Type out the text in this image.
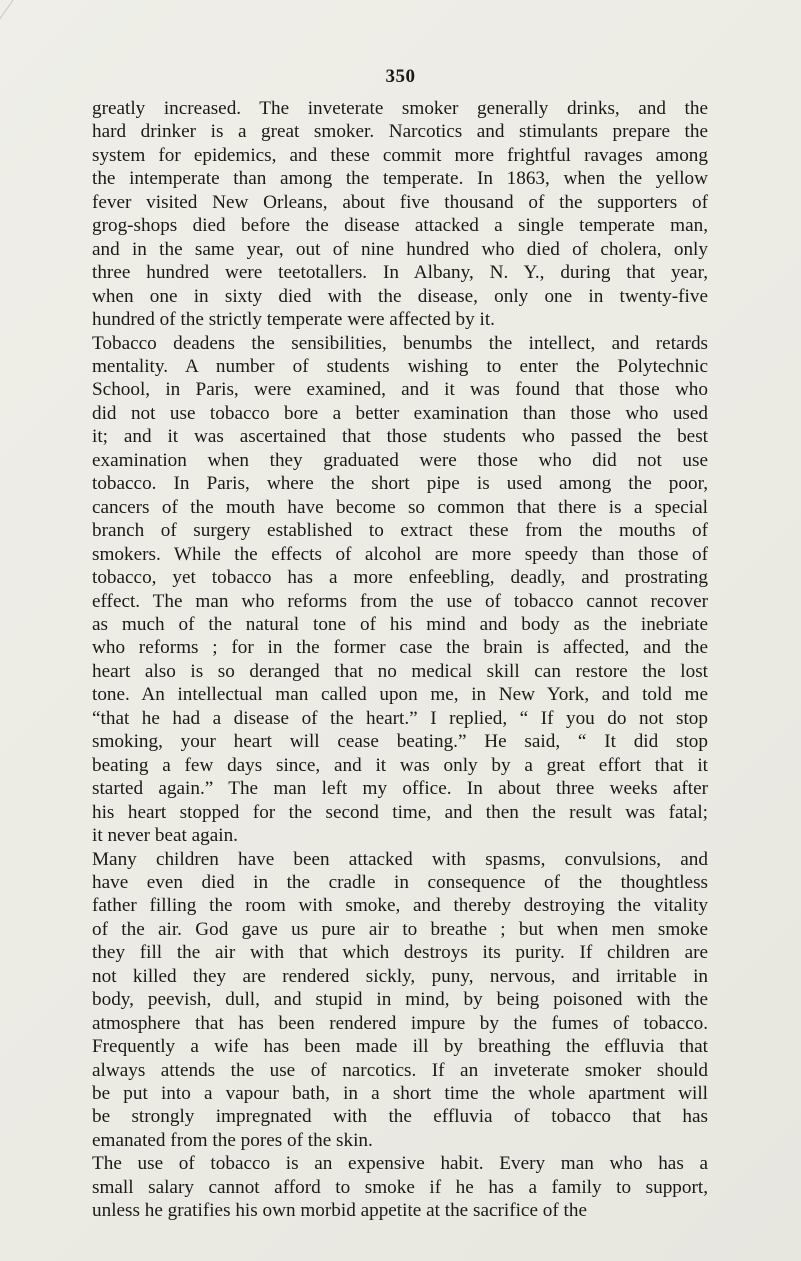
350
greatly increased. The inveterate smoker generally drinks, and the
hard drinker is a great smoker. Narcotics and stimulants prepare the
system for epidemics, and these commit more frightful ravages among
the intemperate than among the temperate. In 1863, when the yellow
fever visited New Orleans, about five thousand of the supporters of
grog-shops died before the disease attacked a single temperate man,
and in the same year, out of nine hundred who died of cholera, only
three hundred were teetotallers. In Albany, N. Y., during that year,
when one in sixty died with the disease, only one in twenty-five
hundred of the strictly temperate were affected by it.
Tobacco deadens the sensibilities, benumbs the intellect, and retards
mentality. A number of students wishing to enter the Polytechnic
School, in Paris, were examined, and it was found that those who
did not use tobacco bore a better examination than those who used
it; and it was ascertained that those students who passed the best
examination when they graduated were those who did not use
tobacco. In Paris, where the short pipe is used among the poor,
cancers of the mouth have become so common that there is a special
branch of surgery established to extract these from the mouths of
smokers. While the effects of alcohol are more speedy than those of
tobacco, yet tobacco has a more enfeebling, deadly, and prostrating
effect. The man who reforms from the use of tobacco cannot recover
as much of the natural tone of his mind and body as the inebriate
who reforms ; for in the former case the brain is affected, and the
heart also is so deranged that no medical skill can restore the lost
tone. An intellectual man called upon me, in New York, and told me
“that he had a disease of the heart.” I replied, “ If you do not stop
smoking, your heart will cease beating.” He said, “ It did stop
beating a few days since, and it was only by a great effort that it
started again.” The man left my office. In about three weeks after
his heart stopped for the second time, and then the result was fatal;
it never beat again.
Many children have been attacked with spasms, convulsions, and
have even died in the cradle in consequence of the thoughtless
father filling the room with smoke, and thereby destroying the vitality
of the air. God gave us pure air to breathe ; but when men smoke
they fill the air with that which destroys its purity. If children are
not killed they are rendered sickly, puny, nervous, and irritable in
body, peevish, dull, and stupid in mind, by being poisoned with the
atmosphere that has been rendered impure by the fumes of tobacco.
Frequently a wife has been made ill by breathing the effluvia that
always attends the use of narcotics. If an inveterate smoker should
be put into a vapour bath, in a short time the whole apartment will
be strongly impregnated with the effluvia of tobacco that has
emanated from the pores of the skin.
The use of tobacco is an expensive habit. Every man who has a
small salary cannot afford to smoke if he has a family to support,
unless he gratifies his own morbid appetite at the sacrifice of the
